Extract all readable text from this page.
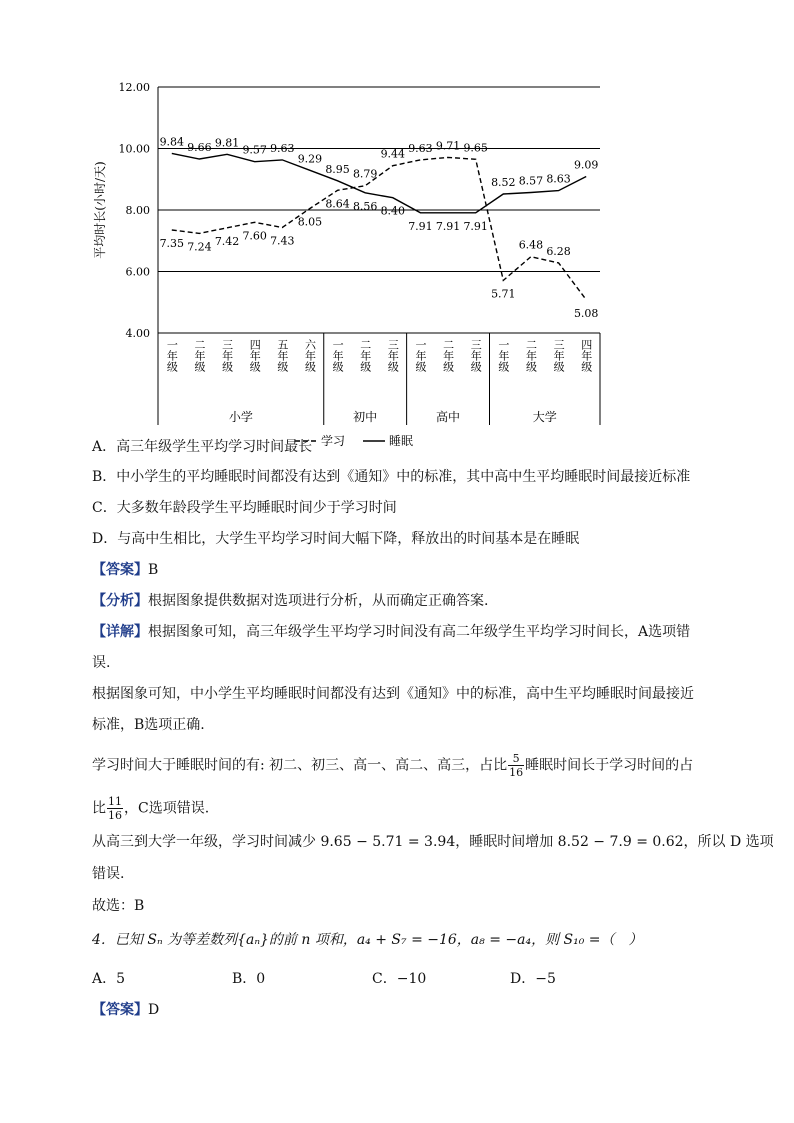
4.00
6.00
8.00
10.00
12.00
平均时长(小时/天)
一年级 二年级 三年级 四年级 五年级 六年级 一年级 二年级 三年级 一年级 二年级 三年级 一年级 二年级 三年级 四年级
小学	初中	高中	大学
7.35 7.24 7.42 7.60 7.43
8.05
8.64
8.79
9.44 9.63 9.71 9.65
5.71
6.48 6.28
5.08
9.84 9.66 9.81
9.57 9.63
9.29
8.95
8.56 8.40
7.91 7.91 7.91
8.52 8.57 8.63
9.09
学习	睡眠
A．高三年级学生平均学习时间最长
B．中小学生的平均睡眠时间都没有达到《通知》中的标准，其中高中生平均睡眠时间最接近标准
C．大多数年龄段学生平均睡眠时间少于学习时间
D．与高中生相比，大学生平均学习时间大幅下降，释放出的时间基本是在睡眠
【答案】B
【分析】根据图象提供数据对选项进行分析，从而确定正确答案.
【详解】根据图象可知，高三年级学生平均学习时间没有高二年级学生平均学习时间长，A选项错
误.
根据图象可知，中小学生平均睡眠时间都没有达到《通知》中的标准，高中生平均睡眠时间最接近
标准，B选项正确.
学习时间大于睡眠时间的有: 初二、初三、高一、高二、高三，占比 $\frac{5}{16}$ 睡眠时间长于学习时间的占
比 $\frac{11}{16}$ ，C选项错误.
从高三到大学一年级，学习时间减少 9.65 − 5.71 = 3.94，睡眠时间增加 8.52 − 7.9 = 0.62，所以 D 选项
错误.
故选：B
4．已知 Sₙ 为等差数列{aₙ}的前 n 项和，a₄ + S₇ = −16，a₈ = −a₄，则 S₁₀ =（　）
A．5	B．0	C．−10	D．−5
【答案】D
